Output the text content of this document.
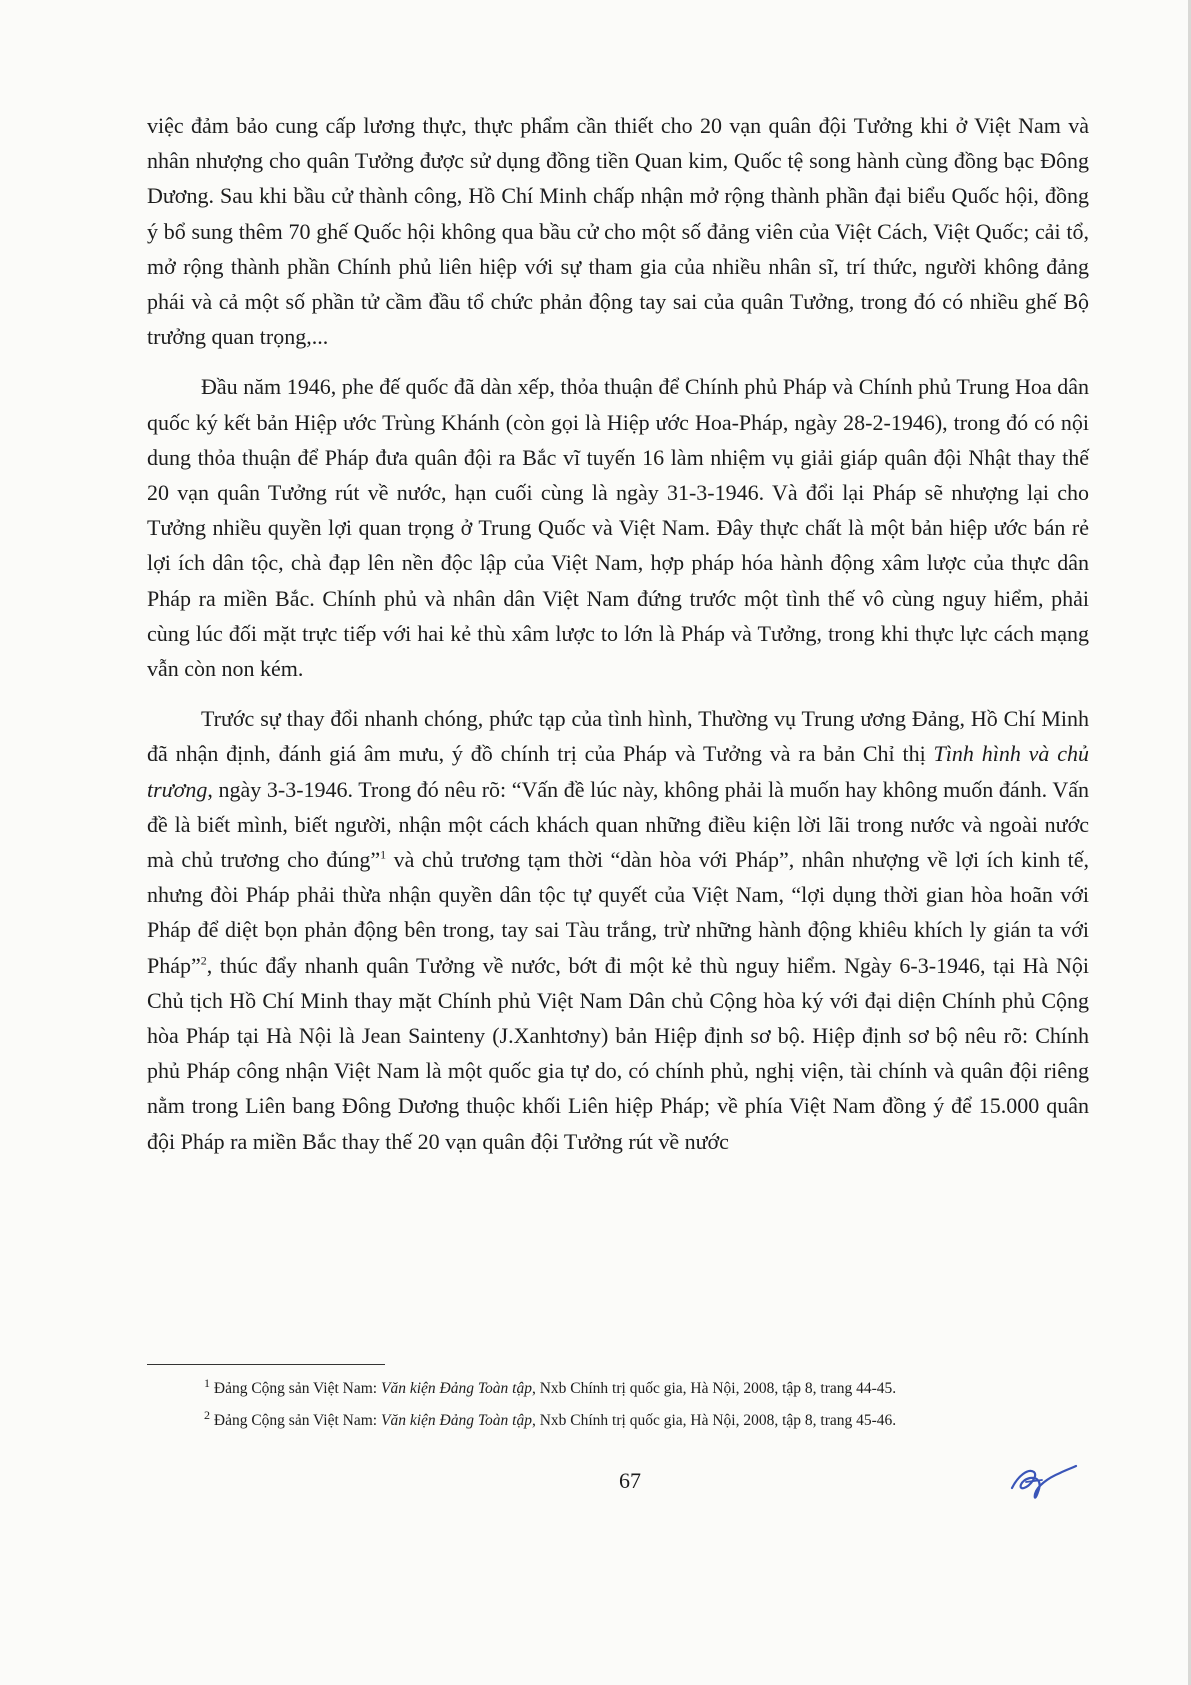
việc đảm bảo cung cấp lương thực, thực phẩm cần thiết cho 20 vạn quân đội Tưởng khi ở Việt Nam và nhân nhượng cho quân Tưởng được sử dụng đồng tiền Quan kim, Quốc tệ song hành cùng đồng bạc Đông Dương. Sau khi bầu cử thành công, Hồ Chí Minh chấp nhận mở rộng thành phần đại biểu Quốc hội, đồng ý bổ sung thêm 70 ghế Quốc hội không qua bầu cử cho một số đảng viên của Việt Cách, Việt Quốc; cải tổ, mở rộng thành phần Chính phủ liên hiệp với sự tham gia của nhiều nhân sĩ, trí thức, người không đảng phái và cả một số phần tử cầm đầu tổ chức phản động tay sai của quân Tưởng, trong đó có nhiều ghế Bộ trưởng quan trọng,...

Đầu năm 1946, phe đế quốc đã dàn xếp, thỏa thuận để Chính phủ Pháp và Chính phủ Trung Hoa dân quốc ký kết bản Hiệp ước Trùng Khánh (còn gọi là Hiệp ước Hoa-Pháp, ngày 28-2-1946), trong đó có nội dung thỏa thuận để Pháp đưa quân đội ra Bắc vĩ tuyến 16 làm nhiệm vụ giải giáp quân đội Nhật thay thế 20 vạn quân Tưởng rút về nước, hạn cuối cùng là ngày 31-3-1946. Và đổi lại Pháp sẽ nhượng lại cho Tưởng nhiều quyền lợi quan trọng ở Trung Quốc và Việt Nam. Đây thực chất là một bản hiệp ước bán rẻ lợi ích dân tộc, chà đạp lên nền độc lập của Việt Nam, hợp pháp hóa hành động xâm lược của thực dân Pháp ra miền Bắc. Chính phủ và nhân dân Việt Nam đứng trước một tình thế vô cùng nguy hiểm, phải cùng lúc đối mặt trực tiếp với hai kẻ thù xâm lược to lớn là Pháp và Tưởng, trong khi thực lực cách mạng vẫn còn non kém.

Trước sự thay đổi nhanh chóng, phức tạp của tình hình, Thường vụ Trung ương Đảng, Hồ Chí Minh đã nhận định, đánh giá âm mưu, ý đồ chính trị của Pháp và Tưởng và ra bản Chỉ thị Tình hình và chủ trương, ngày 3-3-1946. Trong đó nêu rõ: “Vấn đề lúc này, không phải là muốn hay không muốn đánh. Vấn đề là biết mình, biết người, nhận một cách khách quan những điều kiện lời lãi trong nước và ngoài nước mà chủ trương cho đúng”$^1$ và chủ trương tạm thời “dàn hòa với Pháp”, nhân nhượng về lợi ích kinh tế, nhưng đòi Pháp phải thừa nhận quyền dân tộc tự quyết của Việt Nam, “lợi dụng thời gian hòa hoãn với Pháp để diệt bọn phản động bên trong, tay sai Tàu trắng, trừ những hành động khiêu khích ly gián ta với Pháp”$^2$, thúc đẩy nhanh quân Tưởng về nước, bớt đi một kẻ thù nguy hiểm. Ngày 6-3-1946, tại Hà Nội Chủ tịch Hồ Chí Minh thay mặt Chính phủ Việt Nam Dân chủ Cộng hòa ký với đại diện Chính phủ Cộng hòa Pháp tại Hà Nội là Jean Sainteny (J.Xanhtơny) bản Hiệp định sơ bộ. Hiệp định sơ bộ nêu rõ: Chính phủ Pháp công nhận Việt Nam là một quốc gia tự do, có chính phủ, nghị viện, tài chính và quân đội riêng nằm trong Liên bang Đông Dương thuộc khối Liên hiệp Pháp; về phía Việt Nam đồng ý để 15.000 quân đội Pháp ra miền Bắc thay thế 20 vạn quân đội Tưởng rút về nước

$^1$ Đảng Cộng sản Việt Nam: Văn kiện Đảng Toàn tập, Nxb Chính trị quốc gia, Hà Nội, 2008, tập 8, trang 44-45.

$^2$ Đảng Cộng sản Việt Nam: Văn kiện Đảng Toàn tập, Nxb Chính trị quốc gia, Hà Nội, 2008, tập 8, trang 45-46.

67
